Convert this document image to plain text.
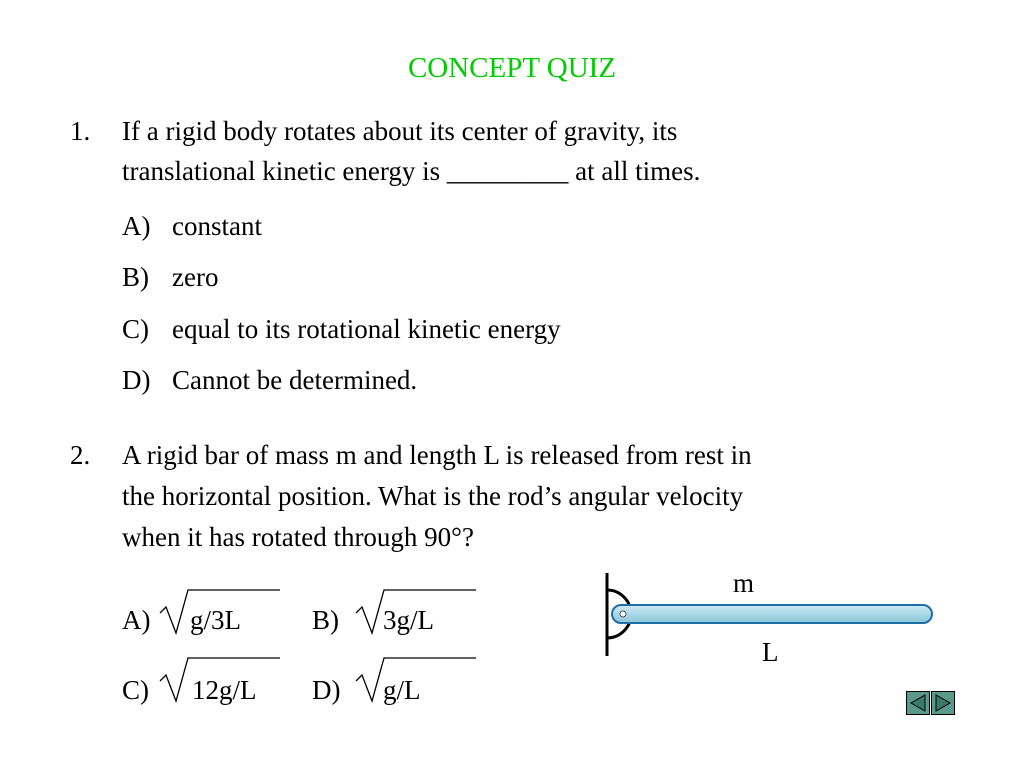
CONCEPT QUIZ
1. If a rigid body rotates about its center of gravity, its
translational kinetic energy is _________ at all times.
A) constant
B) zero
C) equal to its rotational kinetic energy
D) Cannot be determined.
2. A rigid bar of mass m and length L is released from rest in
the horizontal position. What is the rod’s angular velocity
when it has rotated through 90°?
A) g/3L	B) 3g/L
C) 12g/L D) g/L
m
L
